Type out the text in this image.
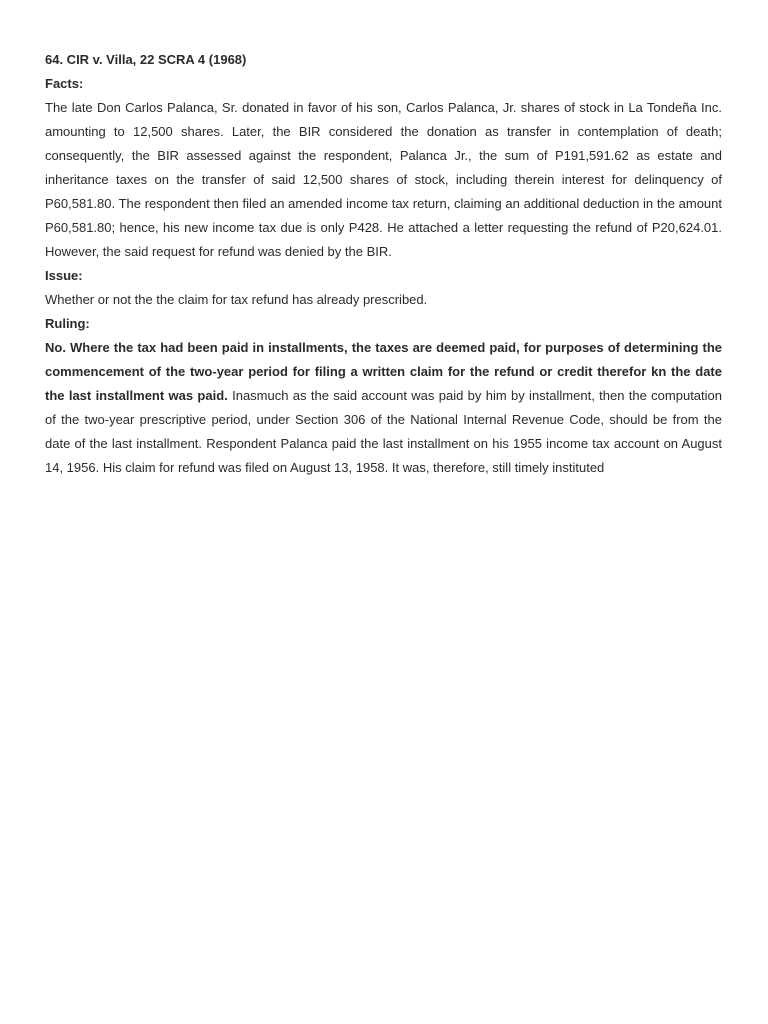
64. CIR v. Villa, 22 SCRA 4 (1968)

Facts:

The late Don Carlos Palanca, Sr. donated in favor of his son, Carlos Palanca, Jr. shares of stock in La Tondeña Inc. amounting to 12,500 shares. Later, the BIR considered the donation as transfer in contemplation of death; consequently, the BIR assessed against the respondent, Palanca Jr., the sum of P191,591.62 as estate and inheritance taxes on the transfer of said 12,500 shares of stock, including therein interest for delinquency of P60,581.80. The respondent then filed an amended income tax return, claiming an additional deduction in the amount P60,581.80; hence, his new income tax due is only P428. He attached a letter requesting the refund of P20,624.01. However, the said request for refund was denied by the BIR.

Issue:

Whether or not the the claim for tax refund has already prescribed.

Ruling:

No. Where the tax had been paid in installments, the taxes are deemed paid, for purposes of determining the commencement of the two-year period for filing a written claim for the refund or credit therefor kn the date the last installment was paid. Inasmuch as the said account was paid by him by installment, then the computation of the two-year prescriptive period, under Section 306 of the National Internal Revenue Code, should be from the date of the last installment. Respondent Palanca paid the last installment on his 1955 income tax account on August 14, 1956. His claim for refund was filed on August 13, 1958. It was, therefore, still timely instituted
